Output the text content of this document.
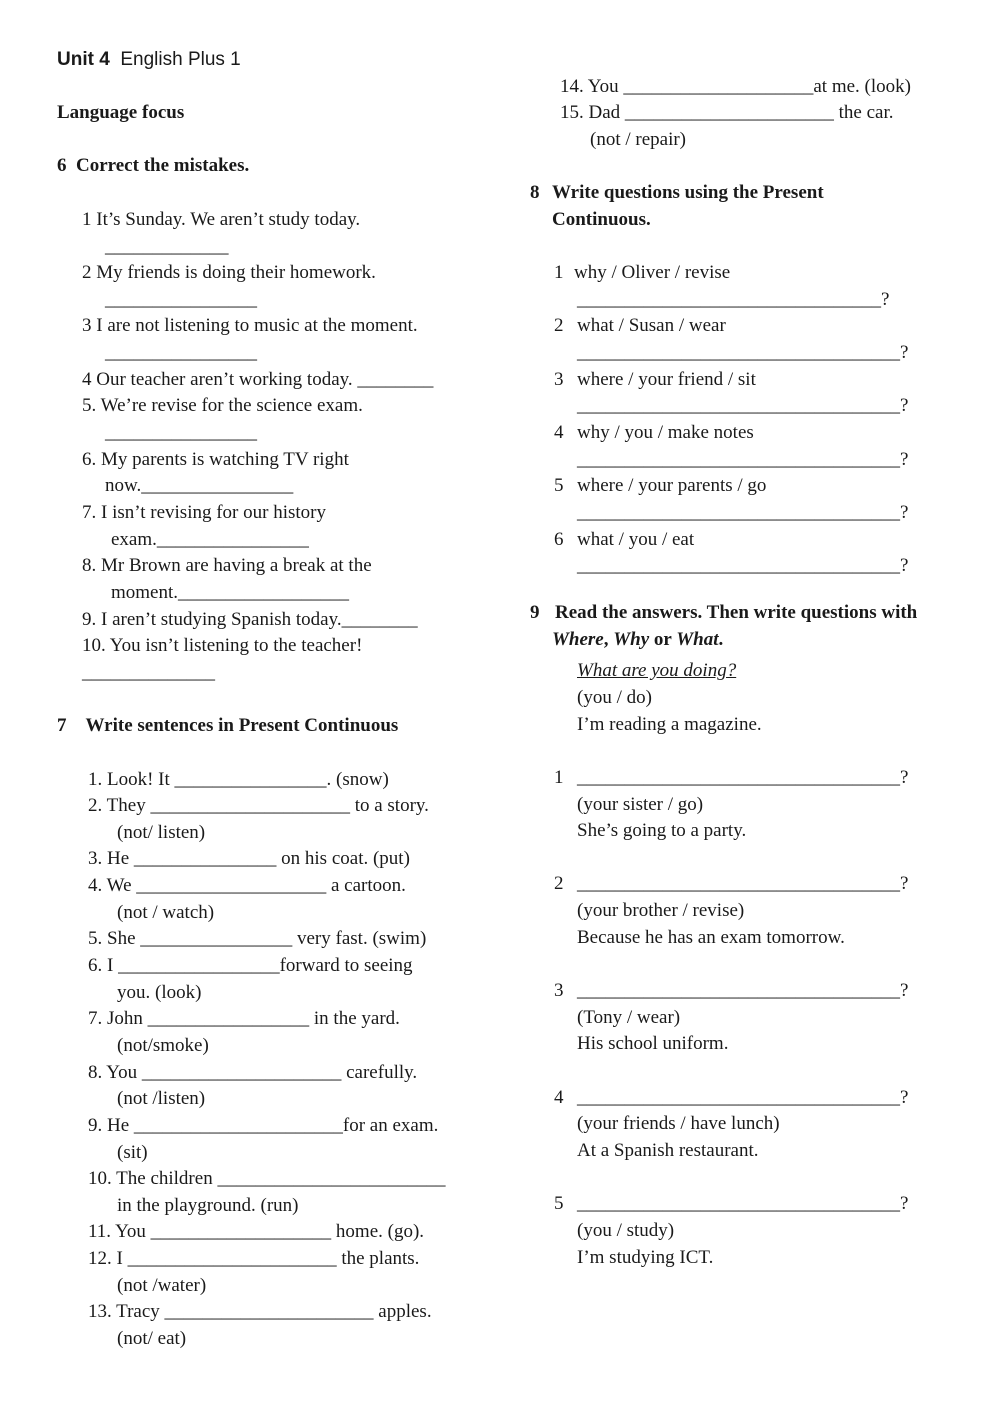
Unit 4 English Plus 1
Language focus
6 Correct the mistakes.
1 It’s Sunday. We aren’t study today.
_____________
2 My friends is doing their homework.
________________
3 I are not listening to music at the moment.
________________
4 Our teacher aren’t working today. ________
5. We’re revise for the science exam.
________________
6. My parents is watching TV right
now.________________
7. I isn’t revising for our history
exam.________________
8. Mr Brown are having a break at the
moment.__________________
9. I aren’t studying Spanish today.________
10. You isn’t listening to the teacher!
______________
7 Write sentences in Present Continuous
1. Look! It ________________. (snow)
2. They _____________________ to a story.
(not/ listen)
3. He _______________ on his coat. (put)
4. We ____________________ a cartoon.
(not / watch)
5. She ________________ very fast. (swim)
6. I _________________forward to seeing
you. (look)
7. John _________________ in the yard.
(not/smoke)
8. You _____________________ carefully.
(not /listen)
9. He ______________________for an exam.
(sit)
10. The children ________________________
in the playground. (run)
11. You ___________________ home. (go).
12. I ______________________ the plants.
(not /water)
13. Tracy ______________________ apples.
(not/ eat)
14. You ____________________at me. (look)
15. Dad ______________________ the car.
(not / repair)
8 Write questions using the Present
Continuous.
1 why / Oliver / revise
________________________________?
2 what / Susan / wear
__________________________________?
3 where / your friend / sit
__________________________________?
4 why / you / make notes
__________________________________?
5 where / your parents / go
__________________________________?
6 what / you / eat
__________________________________?
9 Read the answers. Then write questions with
Where, Why or What.
What are you doing?
(you / do)
I’m reading a magazine.
1 __________________________________?
(your sister / go)
She’s going to a party.
2 __________________________________?
(your brother / revise)
Because he has an exam tomorrow.
3 __________________________________?
(Tony / wear)
His school uniform.
4 __________________________________?
(your friends / have lunch)
At a Spanish restaurant.
5 __________________________________?
(you / study)
I’m studying ICT.
